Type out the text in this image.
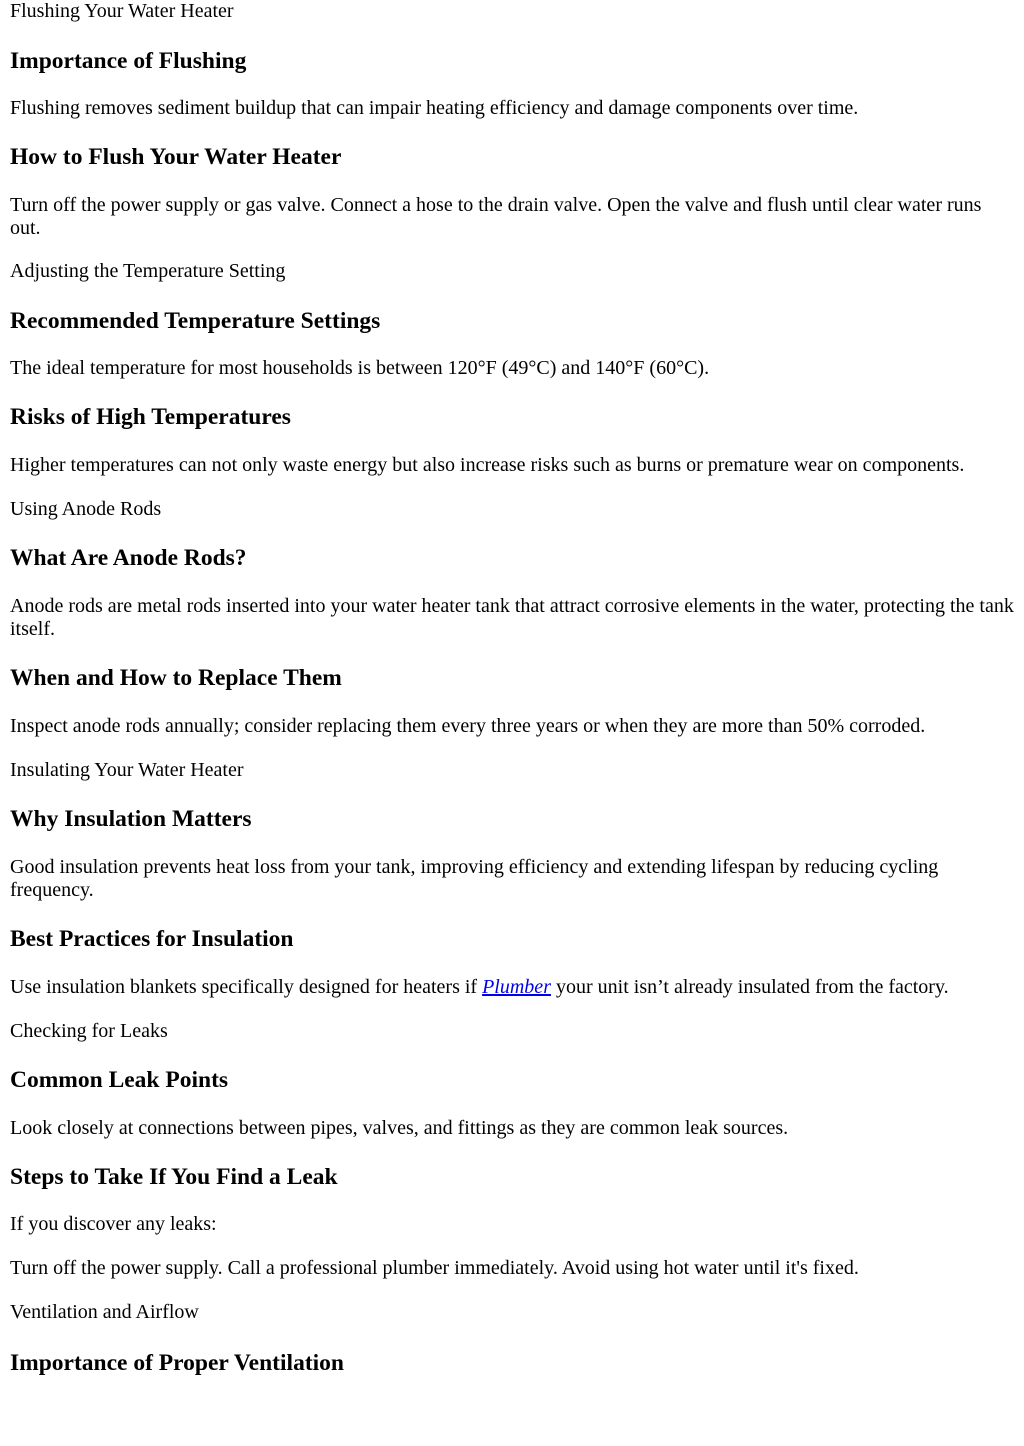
Flushing Your Water Heater

Importance of Flushing

Flushing removes sediment buildup that can impair heating efficiency and damage components over time.

How to Flush Your Water Heater

Turn off the power supply or gas valve. Connect a hose to the drain valve. Open the valve and flush until clear water runs out.

Adjusting the Temperature Setting

Recommended Temperature Settings

The ideal temperature for most households is between 120°F (49°C) and 140°F (60°C).

Risks of High Temperatures

Higher temperatures can not only waste energy but also increase risks such as burns or premature wear on components.

Using Anode Rods

What Are Anode Rods?

Anode rods are metal rods inserted into your water heater tank that attract corrosive elements in the water, protecting the tank itself.

When and How to Replace Them

Inspect anode rods annually; consider replacing them every three years or when they are more than 50% corroded.

Insulating Your Water Heater

Why Insulation Matters

Good insulation prevents heat loss from your tank, improving efficiency and extending lifespan by reducing cycling frequency.

Best Practices for Insulation

Use insulation blankets specifically designed for heaters if Plumber your unit isn’t already insulated from the factory.

Checking for Leaks

Common Leak Points

Look closely at connections between pipes, valves, and fittings as they are common leak sources.

Steps to Take If You Find a Leak

If you discover any leaks:

Turn off the power supply. Call a professional plumber immediately. Avoid using hot water until it's fixed.

Ventilation and Airflow

Importance of Proper Ventilation
